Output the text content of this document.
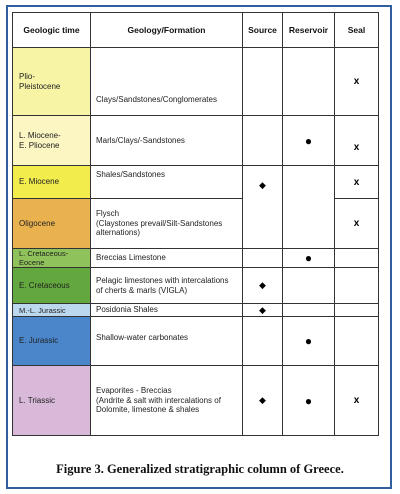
Geologic time	Geology/Formation	Source	Reservoir	Seal
Plio-
Pleistocene	Clays/Sandstones/Conglomerates			x
L. Miocene-
E. Pliocene	Marls/Clays/-Sandstones		●	x
E. Miocene	Shales/Sandstones	◆		x
Oligocene	Flysch
(Claystones prevail/Silt-Sandstones
alternations)			x
L. Cretaceous-
Eocene	Breccias Limestone		●	
E. Cretaceous	Pelagic limestones with intercalations
of cherts & marls (VIGLA)	◆		
M.-L. Jurassic	Posidonia Shales	◆		
E. Jurassic	Shallow-water carbonates		●	
L. Triassic	Evaporites - Breccias
(Andrite & salt with intercalations of
Dolomite, limestone & shales	◆	●	x
Figure 3. Generalized stratigraphic column of Greece.
